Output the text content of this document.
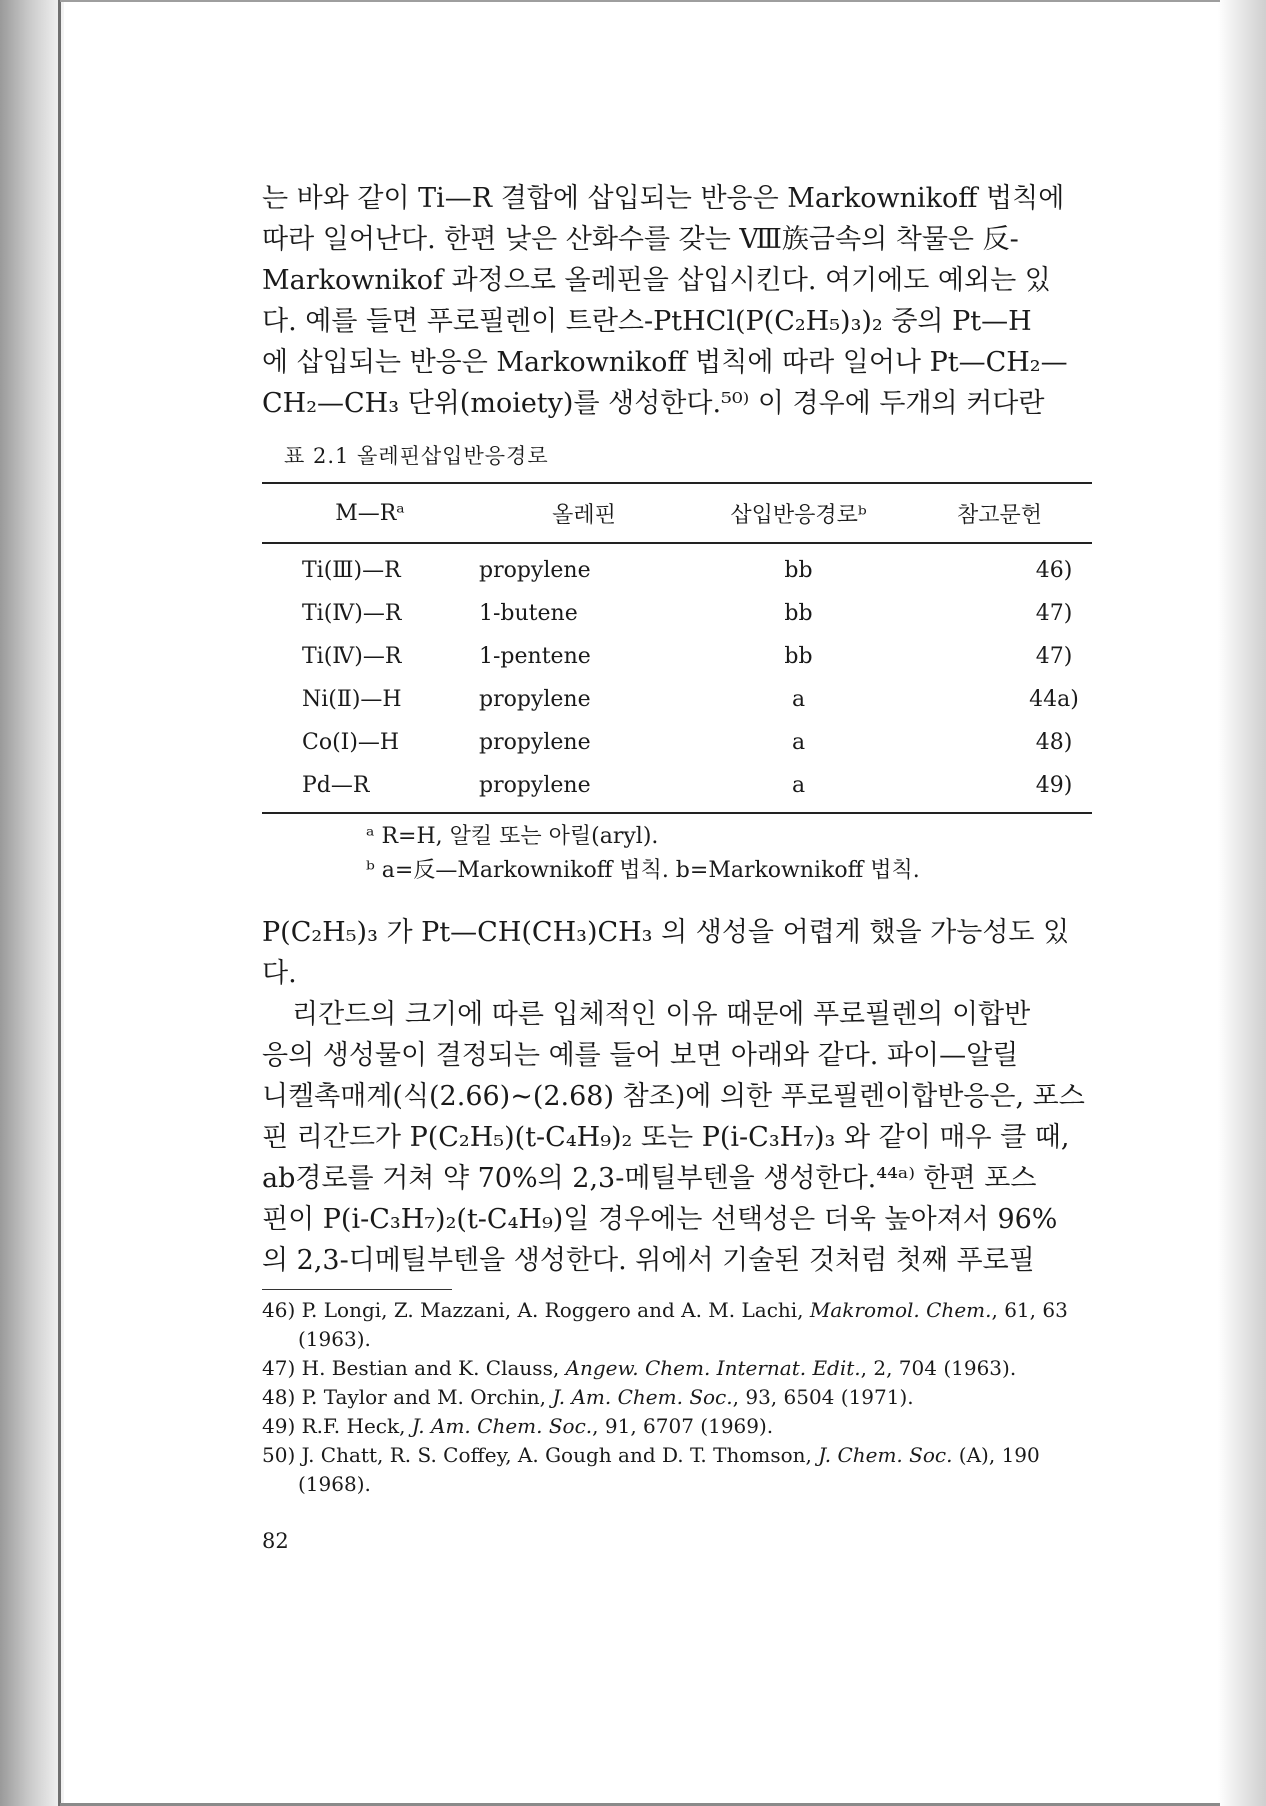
는 바와 같이 Ti—R 결합에 삽입되는 반응은 Markownikoff 법칙에

따라 일어난다. 한편 낮은 산화수를 갖는 Ⅷ族금속의 착물은 反-

Markownikof 과정으로 올레핀을 삽입시킨다. 여기에도 예외는 있

다. 예를 들면 푸로필렌이 트란스-PtHCl(P(C₂H₅)₃)₂ 중의 Pt—H

에 삽입되는 반응은 Markownikoff 법칙에 따라 일어나 Pt—CH₂—

CH₂—CH₃ 단위(moiety)를 생성한다.⁵⁰⁾ 이 경우에 두개의 커다란

표 2.1 올레핀삽입반응경로
M—Rᵃ	올레핀	삽입반응경로ᵇ	참고문헌
Ti(Ⅲ)—R	propylene	bb	46)
Ti(Ⅳ)—R	1-butene	bb	47)
Ti(Ⅳ)—R	1-pentene	bb	47)
Ni(Ⅱ)—H	propylene	a	44a)
Co(Ⅰ)—H	propylene	a	48)
Pd—R	propylene	a	49)
ᵃ R=H, 알킬 또는 아릴(aryl).
ᵇ a=反—Markownikoff 법칙. b=Markownikoff 법칙.

P(C₂H₅)₃ 가 Pt—CH(CH₃)CH₃ 의 생성을 어렵게 했을 가능성도 있

다.

리간드의 크기에 따른 입체적인 이유 때문에 푸로필렌의 이합반

응의 생성물이 결정되는 예를 들어 보면 아래와 같다. 파이—알릴

니켈촉매계(식(2.66)~(2.68) 참조)에 의한 푸로필렌이합반응은, 포스

핀 리간드가 P(C₂H₅)(t-C₄H₉)₂ 또는 P(i-C₃H₇)₃ 와 같이 매우 클 때,

ab경로를 거쳐 약 70%의 2,3-메틸부텐을 생성한다.⁴⁴ᵃ⁾ 한편 포스

핀이 P(i-C₃H₇)₂(t-C₄H₉)일 경우에는 선택성은 더욱 높아져서 96%

의 2,3-디메틸부텐을 생성한다. 위에서 기술된 것처럼 첫째 푸로필

46) P. Longi, Z. Mazzani, A. Roggero and A. M. Lachi, Makromol. Chem., 61, 63 (1963).

47) H. Bestian and K. Clauss, Angew. Chem. Internat. Edit., 2, 704 (1963).

48) P. Taylor and M. Orchin, J. Am. Chem. Soc., 93, 6504 (1971).

49) R.F. Heck, J. Am. Chem. Soc., 91, 6707 (1969).

50) J. Chatt, R. S. Coffey, A. Gough and D. T. Thomson, J. Chem. Soc. (A), 190 (1968).

82
